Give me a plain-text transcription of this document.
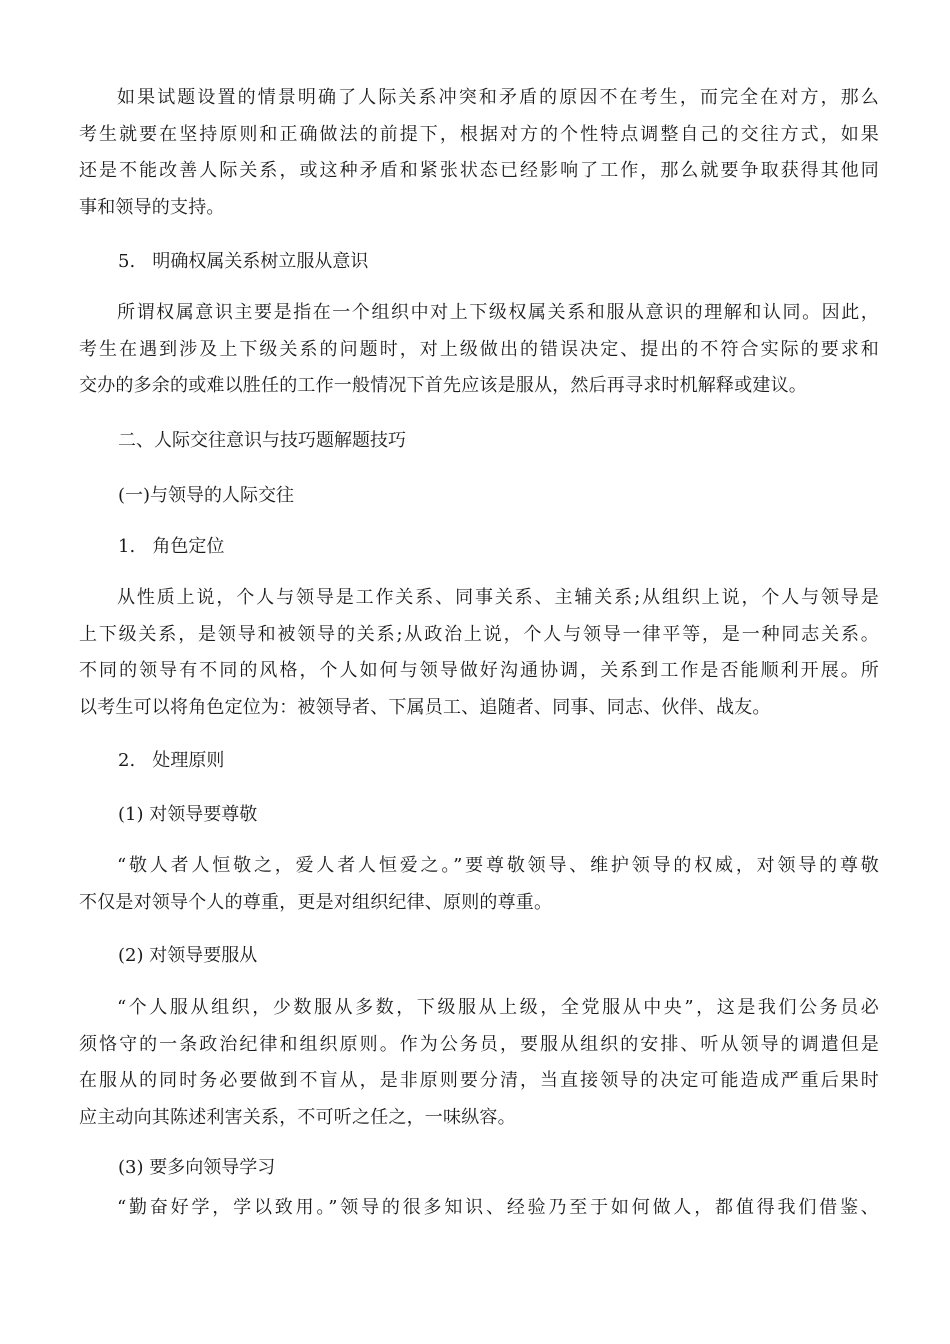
如果试题设置的情景明确了人际关系冲突和矛盾的原因不在考生，而完全在对方，那么
考生就要在坚持原则和正确做法的前提下，根据对方的个性特点调整自己的交往方式，如果
还是不能改善人际关系，或这种矛盾和紧张状态已经影响了工作，那么就要争取获得其他同
事和领导的支持。
5.   明确权属关系树立服从意识
所谓权属意识主要是指在一个组织中对上下级权属关系和服从意识的理解和认同。因此，
考生在遇到涉及上下级关系的问题时，对上级做出的错误决定、提出的不符合实际的要求和
交办的多余的或难以胜任的工作一般情况下首先应该是服从，然后再寻求时机解释或建议。
二、人际交往意识与技巧题解题技巧
(一)与领导的人际交往
1.   角色定位
从性质上说，个人与领导是工作关系、同事关系、主辅关系;从组织上说，个人与领导是
上下级关系，是领导和被领导的关系;从政治上说，个人与领导一律平等，是一种同志关系。
不同的领导有不同的风格，个人如何与领导做好沟通协调，关系到工作是否能顺利开展。所
以考生可以将角色定位为：被领导者、下属员工、追随者、同事、同志、伙伴、战友。
2.   处理原则
(1) 对领导要尊敬
“敬人者人恒敬之，爱人者人恒爱之。”要尊敬领导、维护领导的权威，对领导的尊敬
不仅是对领导个人的尊重，更是对组织纪律、原则的尊重。
(2) 对领导要服从
“个人服从组织，少数服从多数，下级服从上级，全党服从中央”，这是我们公务员必
须恪守的一条政治纪律和组织原则。作为公务员，要服从组织的安排、听从领导的调遣但是
在服从的同时务必要做到不盲从，是非原则要分清，当直接领导的决定可能造成严重后果时
应主动向其陈述利害关系，不可听之任之，一味纵容。
(3) 要多向领导学习
“勤奋好学，学以致用。”领导的很多知识、经验乃至于如何做人，都值得我们借鉴、
